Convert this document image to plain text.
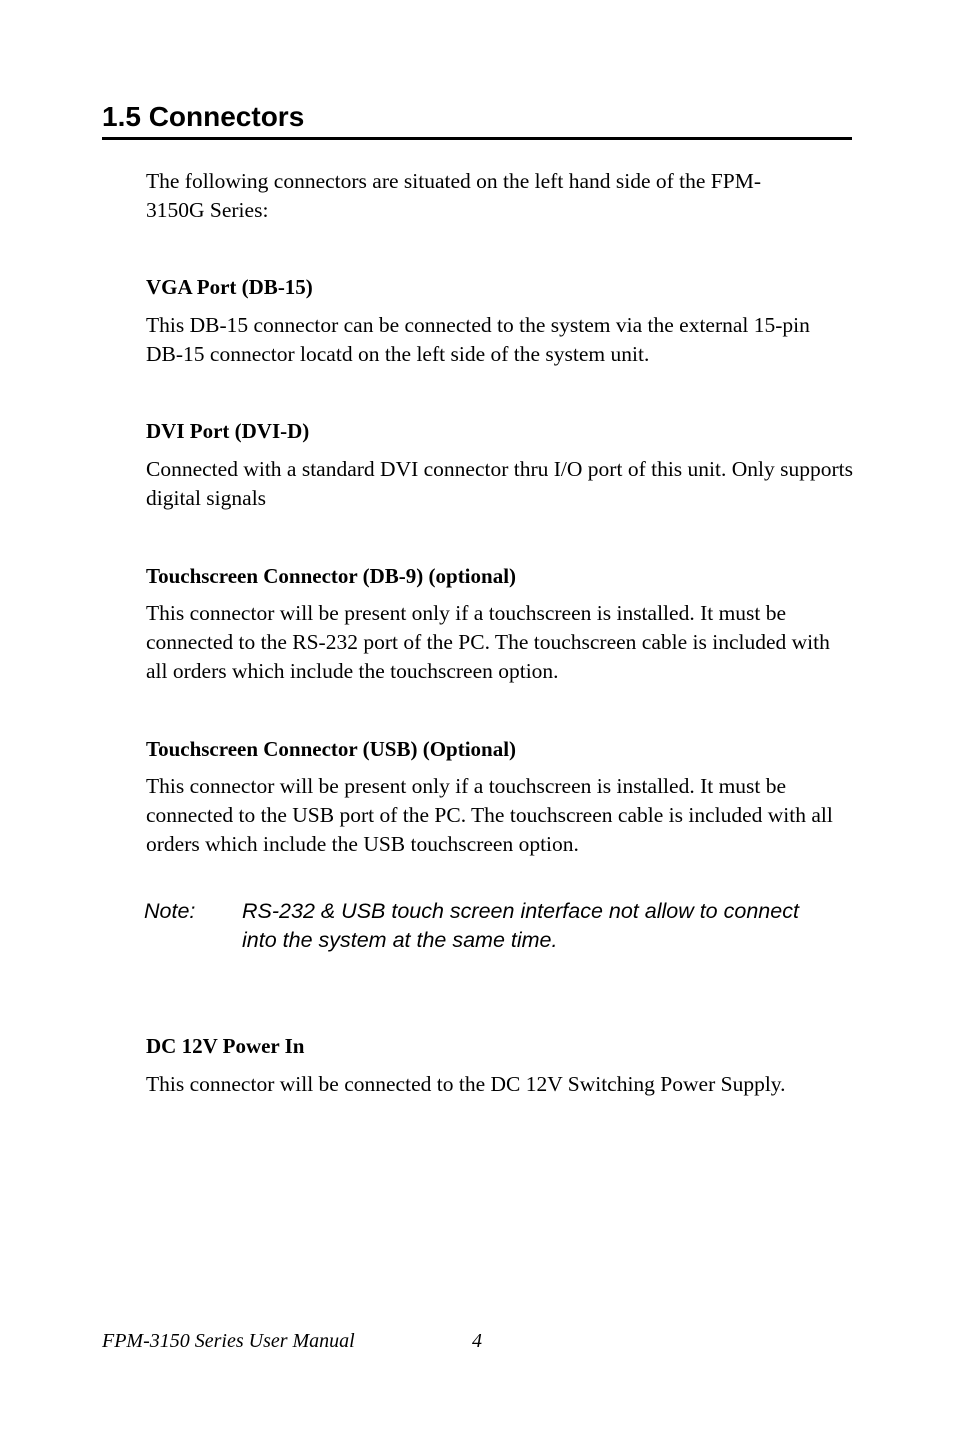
1.5 Connectors

The following connectors are situated on the left hand side of the FPM-3150G Series:

VGA Port (DB-15)

This DB-15 connector can be connected to the system via the external 15-pin DB-15 connector locatd on the left side of the system unit.

DVI Port (DVI-D)

Connected with a standard DVI connector thru I/O port of this unit. Only supports digital signals

Touchscreen Connector (DB-9) (optional)

This connector will be present only if a touchscreen is installed. It must be connected to the RS-232 port of the PC. The touchscreen cable is included with all orders which include the touchscreen option.

Touchscreen Connector (USB) (Optional)

This connector will be present only if a touchscreen is installed. It must be connected to the USB port of the PC. The touchscreen cable is included with all orders which include the USB touchscreen option.

Note: RS-232 & USB touch screen interface not allow to connect into the system at the same time.
DC 12V Power In

This connector will be connected to the DC 12V Switching Power Supply.

FPM-3150 Series User Manual	4
